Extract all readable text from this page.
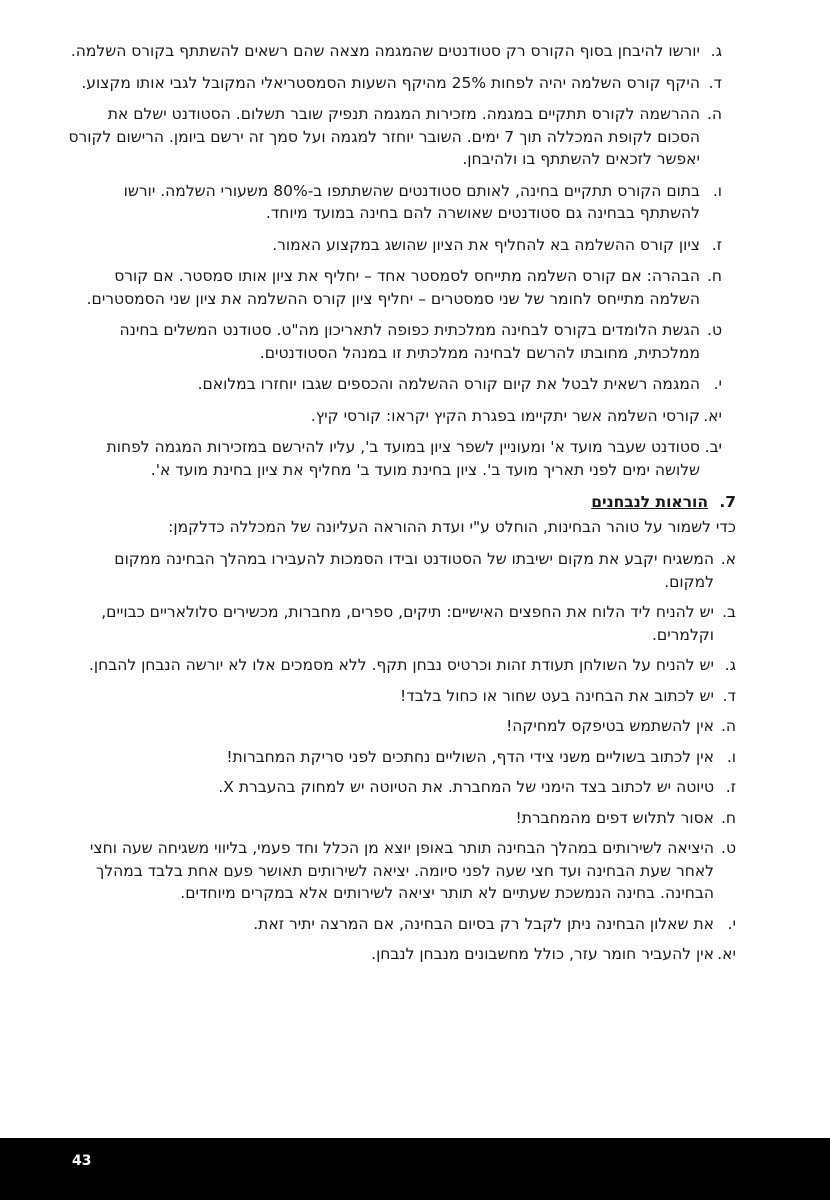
ג.
יורשו להיבחן בסוף הקורס רק סטודנטים שהמגמה מצאה שהם רשאים להשתתף בקורס השלמה.
ד.
היקף קורס השלמה יהיה לפחות 25% מהיקף השעות הסמסטריאלי המקובל לגבי אותו מקצוע.
ה.
ההרשמה לקורס תתקיים במגמה. מזכירות המגמה תנפיק שובר תשלום. הסטודנט ישלם את הסכום לקופת המכללה תוך 7 ימים. השובר יוחזר למגמה ועל סמך זה ירשם ביומן. הרישום לקורס יאפשר לזכאים להשתתף בו ולהיבחן.
ו.
בתום הקורס תתקיים בחינה, לאותם סטודנטים שהשתתפו ב-80% משעורי השלמה. יורשו להשתתף בבחינה גם סטודנטים שאושרה להם בחינה במועד מיוחד.
ז.
ציון קורס ההשלמה בא להחליף את הציון שהושג במקצוע האמור.
ח.
הבהרה: אם קורס השלמה מתייחס לסמסטר אחד – יחליף את ציון אותו סמסטר. אם קורס השלמה מתייחס לחומר של שני סמסטרים – יחליף ציון קורס ההשלמה את ציון שני הסמסטרים.
ט.
הגשת הלומדים בקורס לבחינה ממלכתית כפופה לתאריכון מה"ט. סטודנט המשלים בחינה ממלכתית, מחובתו להרשם לבחינה ממלכתית זו במנהל הסטודנטים.
י.
המגמה רשאית לבטל את קיום קורס ההשלמה והכספים שגבו יוחזרו במלואם.
יא.
קורסי השלמה אשר יתקיימו בפגרת הקיץ יקראו: קורסי קיץ.
יב.
סטודנט שעבר מועד א' ומעוניין לשפר ציון במועד ב', עליו להירשם במזכירות המגמה לפחות שלושה ימים לפני תאריך מועד ב'. ציון בחינת מועד ב' מחליף את ציון בחינת מועד א'.
7.
הוראות לנבחנים
כדי לשמור על טוהר הבחינות, הוחלט ע"י ועדת ההוראה העליונה של המכללה כדלקמן:
א.
המשגיח יקבע את מקום ישיבתו של הסטודנט ובידו הסמכות להעבירו במהלך הבחינה ממקום למקום.
ב.
יש להניח ליד הלוח את החפצים האישיים: תיקים, ספרים, מחברות, מכשירים סלולאריים כבויים, וקלמרים.
ג.
יש להניח על השולחן תעודת זהות וכרטיס נבחן תקף. ללא מסמכים אלו לא יורשה הנבחן להבחן.
ד.
יש לכתוב את הבחינה בעט שחור או כחול בלבד!
ה.
אין להשתמש בטיפקס למחיקה!
ו.
אין לכתוב בשוליים משני צידי הדף, השוליים נחתכים לפני סריקת המחברות!
ז.
טיוטה יש לכתוב בצד הימני של המחברת. את הטיוטה יש למחוק בהעברת X.
ח.
אסור לתלוש דפים מהמחברת!
ט.
היציאה לשירותים במהלך הבחינה תותר באופן יוצא מן הכלל וחד פעמי, בליווי משגיחה שעה וחצי לאחר שעת הבחינה ועד חצי שעה לפני סיומה. יציאה לשירותים תאושר פעם אחת בלבד במהלך הבחינה. בחינה הנמשכת שעתיים לא תותר יציאה לשירותים אלא במקרים מיוחדים.
י.
את שאלון הבחינה ניתן לקבל רק בסיום הבחינה, אם המרצה יתיר זאת.
יא.
אין להעביר חומר עזר, כולל מחשבונים מנבחן לנבחן.
43
